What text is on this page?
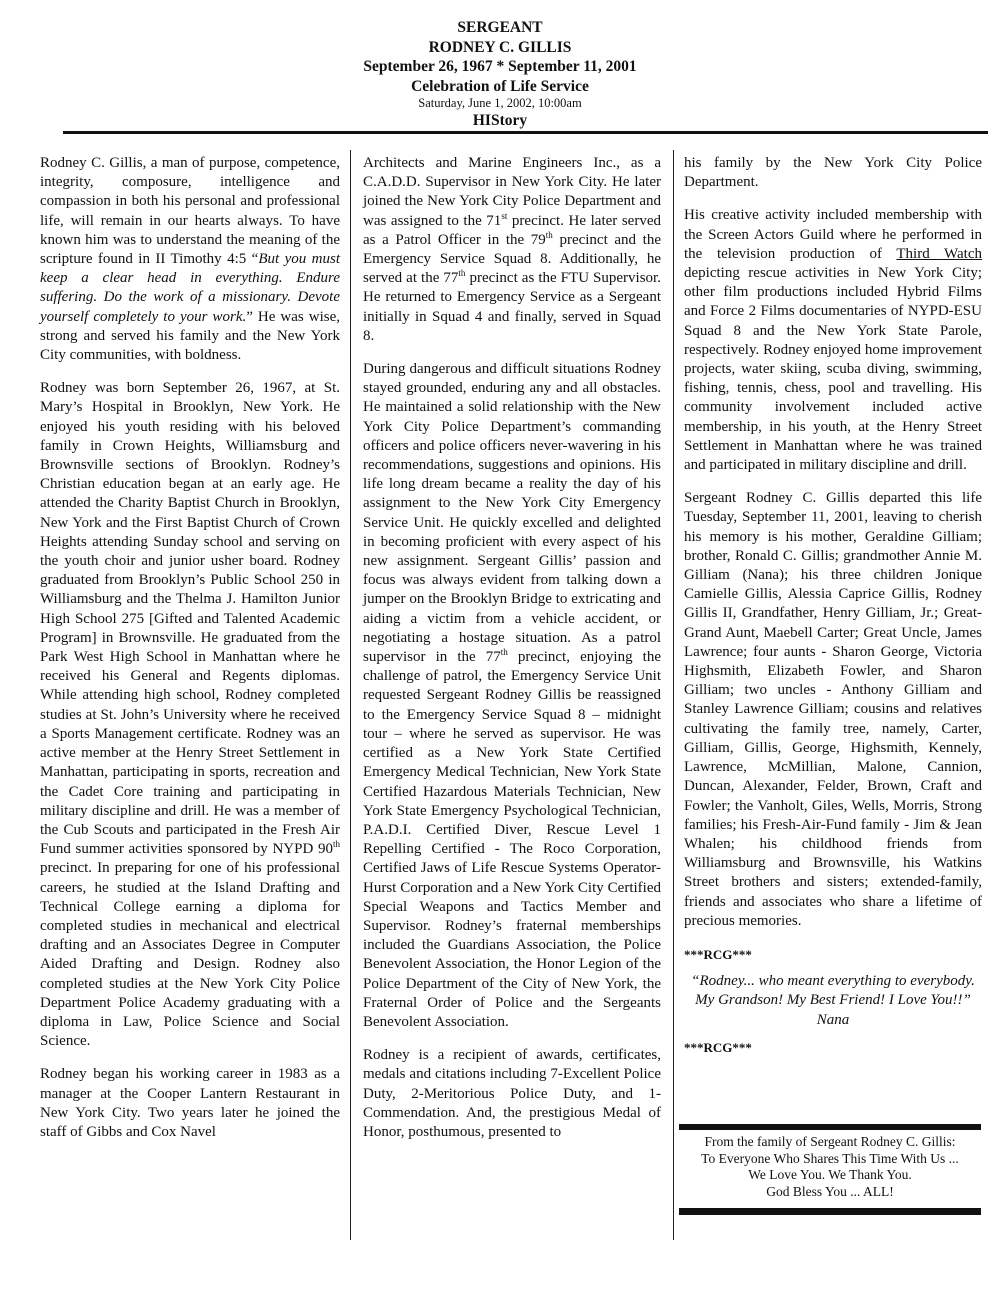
SERGEANT
RODNEY C. GILLIS
September 26, 1967 * September 11, 2001
Celebration of Life Service
Saturday, June 1, 2002, 10:00am
HIStory

Rodney C. Gillis, a man of purpose, competence, integrity, composure, intelligence and compassion in both his personal and professional life, will remain in our hearts always. To have known him was to understand the meaning of the scripture found in II Timothy 4:5 “But you must keep a clear head in everything. Endure suffering. Do the work of a missionary. Devote yourself completely to your work.” He was wise, strong and served his family and the New York City communities, with boldness.

Rodney was born September 26, 1967, at St. Mary’s Hospital in Brooklyn, New York. He enjoyed his youth residing with his beloved family in Crown Heights, Williamsburg and Brownsville sections of Brooklyn. Rodney’s Christian education began at an early age. He attended the Charity Baptist Church in Brooklyn, New York and the First Baptist Church of Crown Heights attending Sunday school and serving on the youth choir and junior usher board. Rodney graduated from Brooklyn’s Public School 250 in Williamsburg and the Thelma J. Hamilton Junior High School 275 [Gifted and Talented Academic Program] in Brownsville. He graduated from the Park West High School in Manhattan where he received his General and Regents diplomas. While attending high school, Rodney completed studies at St. John’s University where he received a Sports Management certificate. Rodney was an active member at the Henry Street Settlement in Manhattan, participating in sports, recreation and the Cadet Core training and participating in military discipline and drill. He was a member of the Cub Scouts and participated in the Fresh Air Fund summer activities sponsored by NYPD 90th precinct. In preparing for one of his professional careers, he studied at the Island Drafting and Technical College earning a diploma for completed studies in mechanical and electrical drafting and an Associates Degree in Computer Aided Drafting and Design. Rodney also completed studies at the New York City Police Department Police Academy graduating with a diploma in Law, Police Science and Social Science.

Rodney began his working career in 1983 as a manager at the Cooper Lantern Restaurant in New York City. Two years later he joined the staff of Gibbs and Cox Navel

Architects and Marine Engineers Inc., as a C.A.D.D. Supervisor in New York City. He later joined the New York City Police Department and was assigned to the 71st precinct. He later served as a Patrol Officer in the 79th precinct and the Emergency Service Squad 8. Additionally, he served at the 77th precinct as the FTU Supervisor. He returned to Emergency Service as a Sergeant initially in Squad 4 and finally, served in Squad 8.

During dangerous and difficult situations Rodney stayed grounded, enduring any and all obstacles. He maintained a solid relationship with the New York City Police Department’s commanding officers and police officers never-wavering in his recommendations, suggestions and opinions. His life long dream became a reality the day of his assignment to the New York City Emergency Service Unit. He quickly excelled and delighted in becoming proficient with every aspect of his new assignment. Sergeant Gillis’ passion and focus was always evident from talking down a jumper on the Brooklyn Bridge to extricating and aiding a victim from a vehicle accident, or negotiating a hostage situation. As a patrol supervisor in the 77th precinct, enjoying the challenge of patrol, the Emergency Service Unit requested Sergeant Rodney Gillis be reassigned to the Emergency Service Squad 8 – midnight tour – where he served as supervisor. He was certified as a New York State Certified Emergency Medical Technician, New York State Certified Hazardous Materials Technician, New York State Emergency Psychological Technician, P.A.D.I. Certified Diver, Rescue Level 1 Repelling Certified - The Roco Corporation, Certified Jaws of Life Rescue Systems Operator-Hurst Corporation and a New York City Certified Special Weapons and Tactics Member and Supervisor. Rodney’s fraternal memberships included the Guardians Association, the Police Benevolent Association, the Honor Legion of the Police Department of the City of New York, the Fraternal Order of Police and the Sergeants Benevolent Association.

Rodney is a recipient of awards, certificates, medals and citations including 7-Excellent Police Duty, 2-Meritorious Police Duty, and 1-Commendation. And, the prestigious Medal of Honor, posthumous, presented to

his family by the New York City Police Department.

His creative activity included membership with the Screen Actors Guild where he performed in the television production of Third Watch depicting rescue activities in New York City; other film productions included Hybrid Films and Force 2 Films documentaries of NYPD-ESU Squad 8 and the New York State Parole, respectively. Rodney enjoyed home improvement projects, water skiing, scuba diving, swimming, fishing, tennis, chess, pool and travelling. His community involvement included active membership, in his youth, at the Henry Street Settlement in Manhattan where he was trained and participated in military discipline and drill.

Sergeant Rodney C. Gillis departed this life Tuesday, September 11, 2001, leaving to cherish his memory is his mother, Geraldine Gilliam; brother, Ronald C. Gillis; grandmother Annie M. Gilliam (Nana); his three children Jonique Camielle Gillis, Alessia Caprice Gillis, Rodney Gillis II, Grandfather, Henry Gilliam, Jr.; Great-Grand Aunt, Maebell Carter; Great Uncle, James Lawrence; four aunts - Sharon George, Victoria Highsmith, Elizabeth Fowler, and Sharon Gilliam; two uncles - Anthony Gilliam and Stanley Lawrence Gilliam; cousins and relatives cultivating the family tree, namely, Carter, Gilliam, Gillis, George, Highsmith, Kennely, Lawrence, McMillian, Malone, Cannion, Duncan, Alexander, Felder, Brown, Craft and Fowler; the Vanholt, Giles, Wells, Morris, Strong families; his Fresh-Air-Fund family - Jim & Jean Whalen; his childhood friends from Williamsburg and Brownsville, his Watkins Street brothers and sisters; extended-family, friends and associates who share a lifetime of precious memories.

***RCG***

“Rodney... who meant everything to everybody. My Grandson! My Best Friend! I Love You!!” Nana

***RCG***

From the family of Sergeant Rodney C. Gillis:
To Everyone Who Shares This Time With Us ...
We Love You. We Thank You.
God Bless You ... ALL!
